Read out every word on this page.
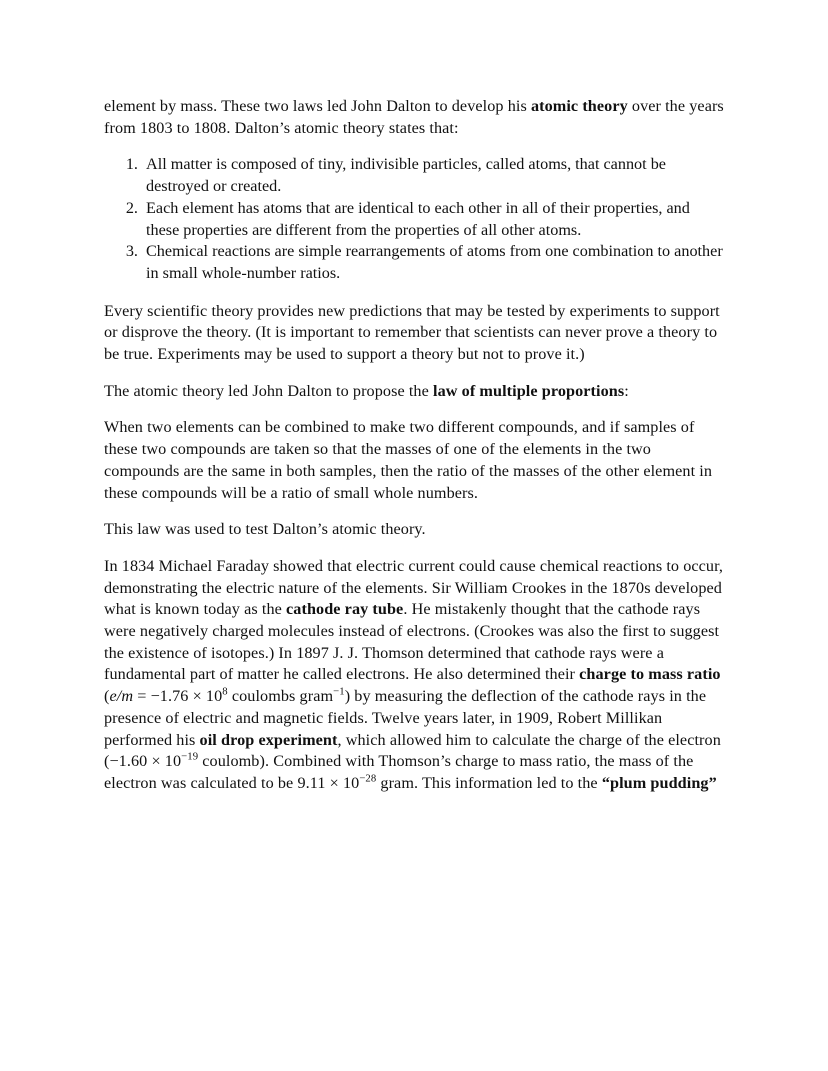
element by mass. These two laws led John Dalton to develop his atomic theory over the years from 1803 to 1808. Dalton’s atomic theory states that:

1. All matter is composed of tiny, indivisible particles, called atoms, that cannot be destroyed or created.
2. Each element has atoms that are identical to each other in all of their properties, and these properties are different from the properties of all other atoms.
3. Chemical reactions are simple rearrangements of atoms from one combination to another in small whole-number ratios.

Every scientific theory provides new predictions that may be tested by experiments to support or disprove the theory. (It is important to remember that scientists can never prove a theory to be true. Experiments may be used to support a theory but not to prove it.)

The atomic theory led John Dalton to propose the law of multiple proportions:

When two elements can be combined to make two different compounds, and if samples of these two compounds are taken so that the masses of one of the elements in the two compounds are the same in both samples, then the ratio of the masses of the other element in these compounds will be a ratio of small whole numbers.

This law was used to test Dalton’s atomic theory.

In 1834 Michael Faraday showed that electric current could cause chemical reactions to occur, demonstrating the electric nature of the elements. Sir William Crookes in the 1870s developed what is known today as the cathode ray tube. He mistakenly thought that the cathode rays were negatively charged molecules instead of electrons. (Crookes was also the first to suggest the existence of isotopes.) In 1897 J. J. Thomson determined that cathode rays were a fundamental part of matter he called electrons. He also determined their charge to mass ratio ($e/m = -1.76 \times 10^8$ coulombs gram$^{-1}$) by measuring the deflection of the cathode rays in the presence of electric and magnetic fields. Twelve years later, in 1909, Robert Millikan performed his oil drop experiment, which allowed him to calculate the charge of the electron ($-1.60 \times 10^{-19}$ coulomb). Combined with Thomson’s charge to mass ratio, the mass of the electron was calculated to be $9.11 \times 10^{-28}$ gram. This information led to the “plum pudding”
